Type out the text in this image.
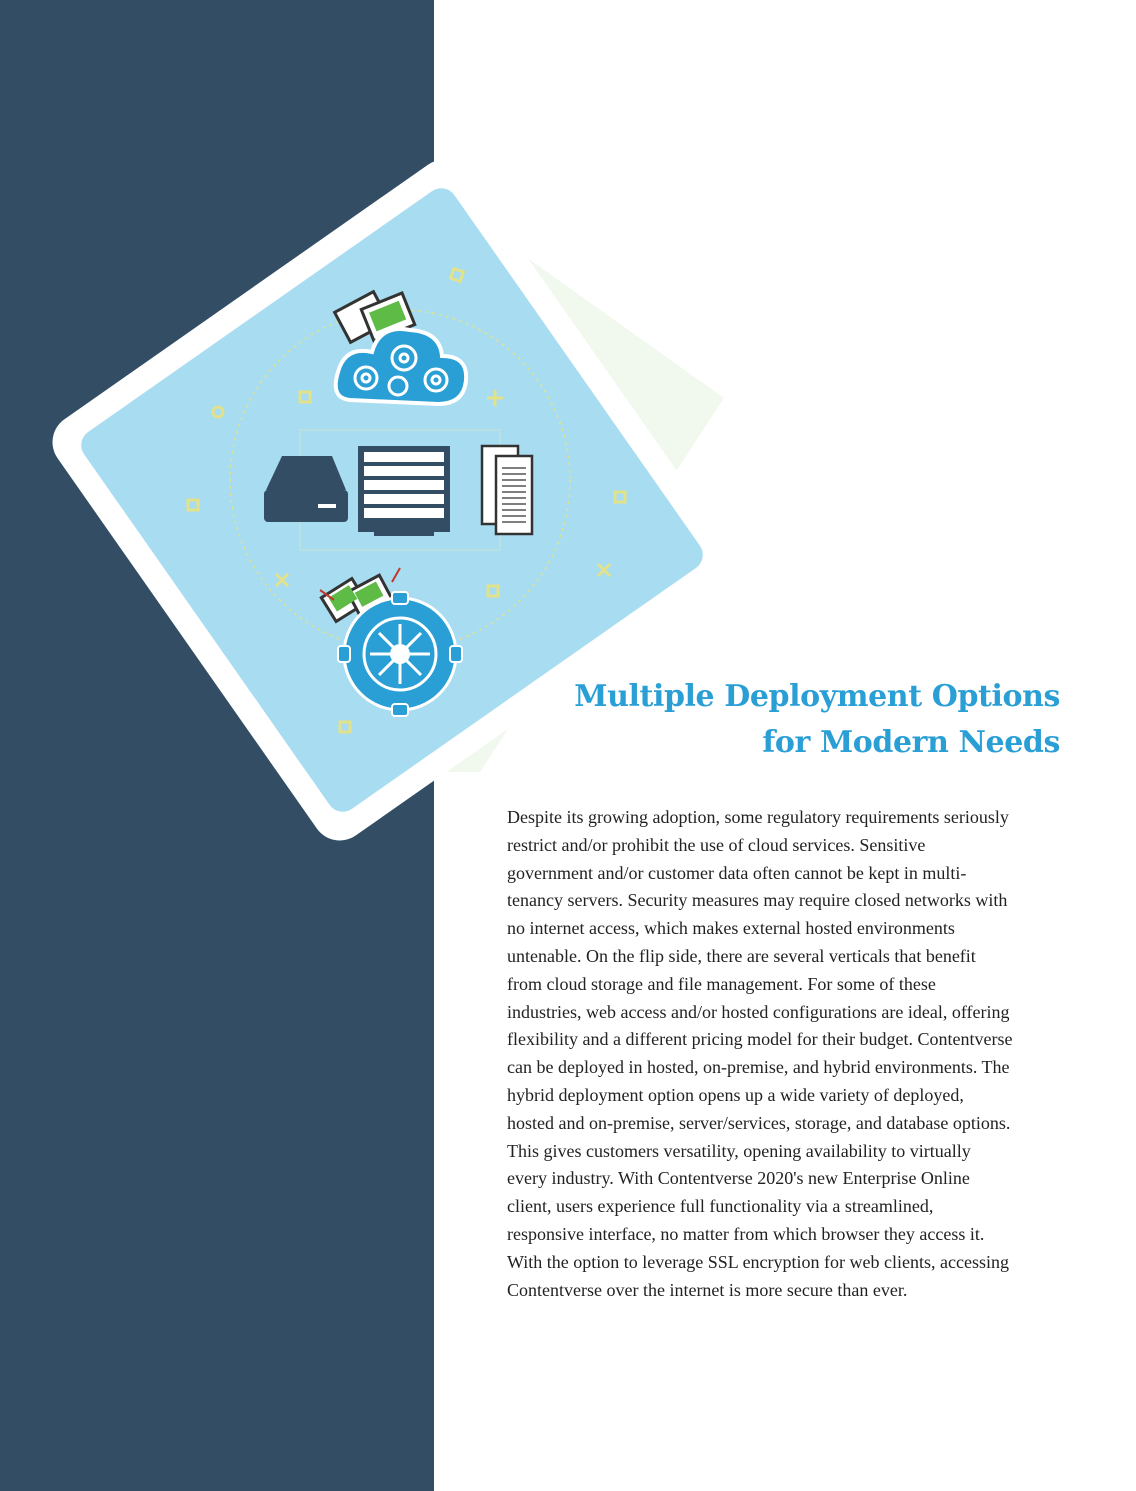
Multiple Deployment Options
for Modern Needs
Despite its growing adoption, some regulatory requirements seriously
restrict and/or prohibit the use of cloud services. Sensitive
government and/or customer data often cannot be kept in multi-
tenancy servers. Security measures may require closed networks with
no internet access, which makes external hosted environments
untenable. On the flip side, there are several verticals that benefit
from cloud storage and file management. For some of these
industries, web access and/or hosted configurations are ideal, offering
flexibility and a different pricing model for their budget. Contentverse
can be deployed in hosted, on-premise, and hybrid environments. The
hybrid deployment option opens up a wide variety of deployed,
hosted and on-premise, server/services, storage, and database options.
This gives customers versatility, opening availability to virtually
every industry. With Contentverse 2020's new Enterprise Online
client, users experience full functionality via a streamlined,
responsive interface, no matter from which browser they access it.
With the option to leverage SSL encryption for web clients, accessing
Contentverse over the internet is more secure than ever.
